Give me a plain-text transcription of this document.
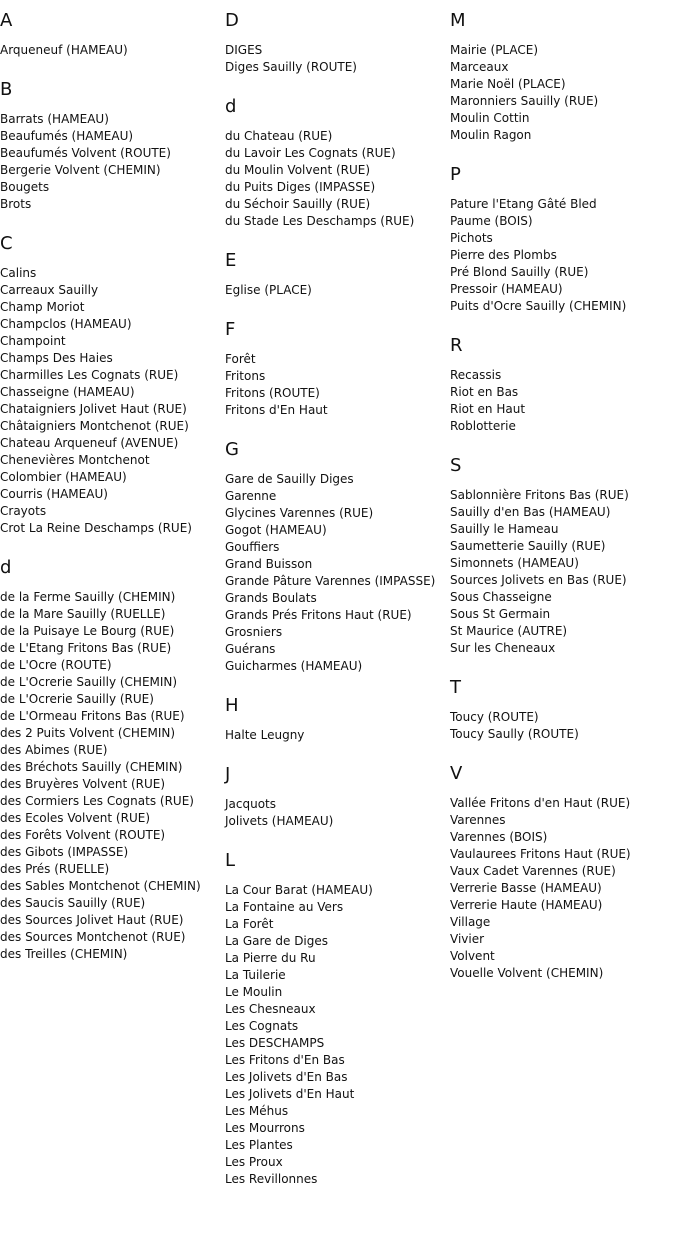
A
Arqueneuf (HAMEAU)
B
Barrats (HAMEAU)
Beaufumés (HAMEAU)
Beaufumés Volvent (ROUTE)
Bergerie Volvent (CHEMIN)
Bougets
Brots
C
Calins
Carreaux Sauilly
Champ Moriot
Champclos (HAMEAU)
Champoint
Champs Des Haies
Charmilles Les Cognats (RUE)
Chasseigne (HAMEAU)
Chataigniers Jolivet Haut (RUE)
Châtaigniers Montchenot (RUE)
Chateau Arqueneuf (AVENUE)
Chenevières Montchenot
Colombier (HAMEAU)
Courris (HAMEAU)
Crayots
Crot La Reine Deschamps (RUE)
d
de la Ferme Sauilly (CHEMIN)
de la Mare Sauilly (RUELLE)
de la Puisaye Le Bourg (RUE)
de L'Etang Fritons Bas (RUE)
de L'Ocre (ROUTE)
de L'Ocrerie Sauilly (CHEMIN)
de L'Ocrerie Sauilly (RUE)
de L'Ormeau Fritons Bas (RUE)
des 2 Puits Volvent (CHEMIN)
des Abimes (RUE)
des Bréchots Sauilly (CHEMIN)
des Bruyères Volvent (RUE)
des Cormiers Les Cognats (RUE)
des Ecoles Volvent (RUE)
des Forêts Volvent (ROUTE)
des Gibots (IMPASSE)
des Prés (RUELLE)
des Sables Montchenot (CHEMIN)
des Saucis Sauilly (RUE)
des Sources Jolivet Haut (RUE)
des Sources Montchenot (RUE)
des Treilles (CHEMIN)
D
DIGES
Diges Sauilly (ROUTE)
d
du Chateau (RUE)
du Lavoir Les Cognats (RUE)
du Moulin Volvent (RUE)
du Puits Diges (IMPASSE)
du Séchoir Sauilly (RUE)
du Stade Les Deschamps (RUE)
E
Eglise (PLACE)
F
Forêt
Fritons
Fritons (ROUTE)
Fritons d'En Haut
G
Gare de Sauilly Diges
Garenne
Glycines Varennes (RUE)
Gogot (HAMEAU)
Gouffiers
Grand Buisson
Grande Pâture Varennes (IMPASSE)
Grands Boulats
Grands Prés Fritons Haut (RUE)
Grosniers
Guérans
Guicharmes (HAMEAU)
H
Halte Leugny
J
Jacquots
Jolivets (HAMEAU)
L
La Cour Barat (HAMEAU)
La Fontaine au Vers
La Forêt
La Gare de Diges
La Pierre du Ru
La Tuilerie
Le Moulin
Les Chesneaux
Les Cognats
Les DESCHAMPS
Les Fritons d'En Bas
Les Jolivets d'En Bas
Les Jolivets d'En Haut
Les Méhus
Les Mourrons
Les Plantes
Les Proux
Les Revillonnes
M
Mairie (PLACE)
Marceaux
Marie Noël (PLACE)
Maronniers Sauilly (RUE)
Moulin Cottin
Moulin Ragon
P
Pature l'Etang Gâté Bled
Paume (BOIS)
Pichots
Pierre des Plombs
Pré Blond Sauilly (RUE)
Pressoir (HAMEAU)
Puits d'Ocre Sauilly (CHEMIN)
R
Recassis
Riot en Bas
Riot en Haut
Roblotterie
S
Sablonnière Fritons Bas (RUE)
Sauilly d'en Bas (HAMEAU)
Sauilly le Hameau
Saumetterie Sauilly (RUE)
Simonnets (HAMEAU)
Sources Jolivets en Bas (RUE)
Sous Chasseigne
Sous St Germain
St Maurice (AUTRE)
Sur les Cheneaux
T
Toucy (ROUTE)
Toucy Saully (ROUTE)
V
Vallée Fritons d'en Haut (RUE)
Varennes
Varennes (BOIS)
Vaulaurees Fritons Haut (RUE)
Vaux Cadet Varennes (RUE)
Verrerie Basse (HAMEAU)
Verrerie Haute (HAMEAU)
Village
Vivier
Volvent
Vouelle Volvent (CHEMIN)
